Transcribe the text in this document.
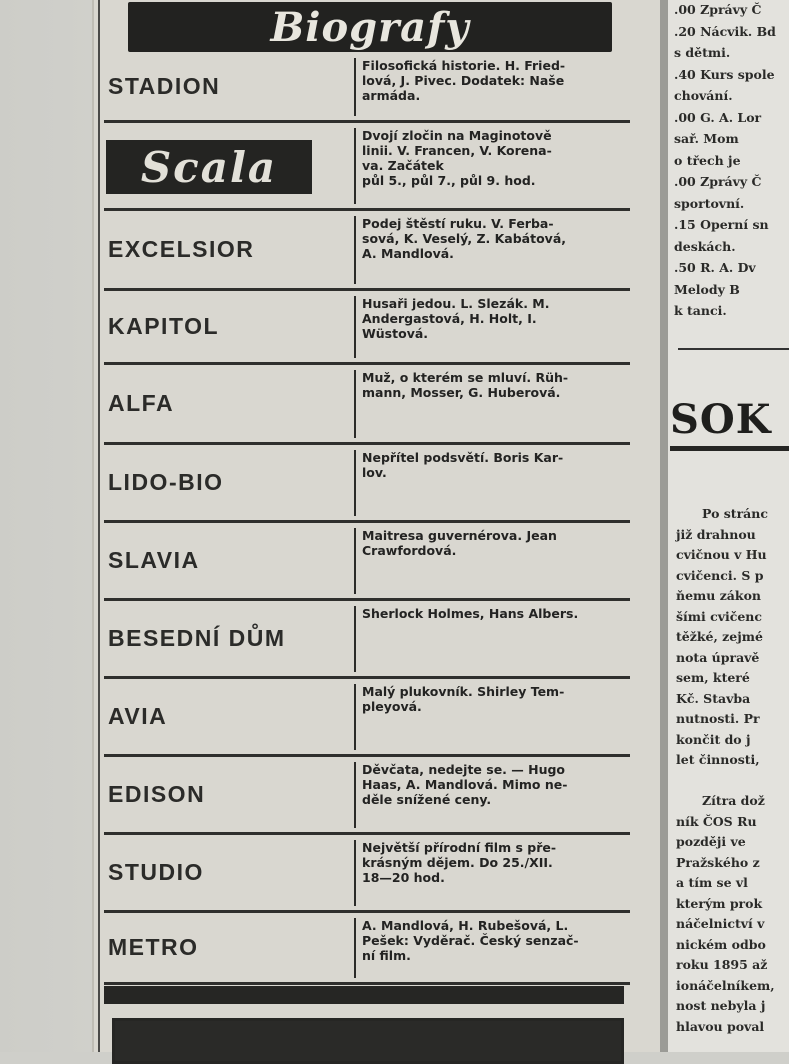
Biografy
STADION
Filosofická historie. H. Fried-
lová, J. Pivec. Dodatek: Naše
armáda.
Scala
Dvojí zločin na Maginotově
linii. V. Francen, V. Korena-
va. Začátek
půl 5., půl 7., půl 9. hod.
EXCELSIOR
Podej štěstí ruku. V. Ferba-
sová, K. Veselý, Z. Kabátová,
A. Mandlová.
KAPITOL
Husaři jedou. L. Slezák. M.
Andergastová, H. Holt, I.
Wüstová.
ALFA
Muž, o kterém se mluví. Rüh-
mann, Mosser, G. Huberová.
LIDO-BIO
Nepřítel podsvětí. Boris Kar-
lov.
SLAVIA
Maitresa guvernérova. Jean
Crawfordová.
BESEDNÍ DŮM
Sherlock Holmes, Hans Albers.
AVIA
Malý plukovník. Shirley Tem-
pleyová.
EDISON
Děvčata, nedejte se. — Hugo
Haas, A. Mandlová. Mimo ne-
děle snížené ceny.
STUDIO
Největší přírodní film s pře-
krásným dějem. Do 25./XII.
18—20 hod.
METRO
A. Mandlová, H. Rubešová, L.
Pešek: Vyděrač. Český senzač-
ní film.
SOK
.00 Zprávy Č
.20 Nácvik. Bd
s dětmi.
.40 Kurs spole
chování.
.00 G. A. Lor
sař. Mom
o třech je
.00 Zprávy Č
sportovní.
.15 Operní sn
deskách.
.50 R. A. Dv
Melody B
k tanci.
Po stránc
již drahnou
cvičnou v Hu
cvičenci. S p
ňemu zákon
šími cvičenc
těžké, zejmé
nota úpravě
sem, které
Kč. Stavba
nutnosti. Pr
končit do j
let činnosti,
Zítra dož
ník ČOS Ru
později ve
Pražského z
a tím se vl
kterým prok
náčelnictví v
nickém odbo
roku 1895 až
ionáčelníkem,
nost nebyla j
hlavou poval
